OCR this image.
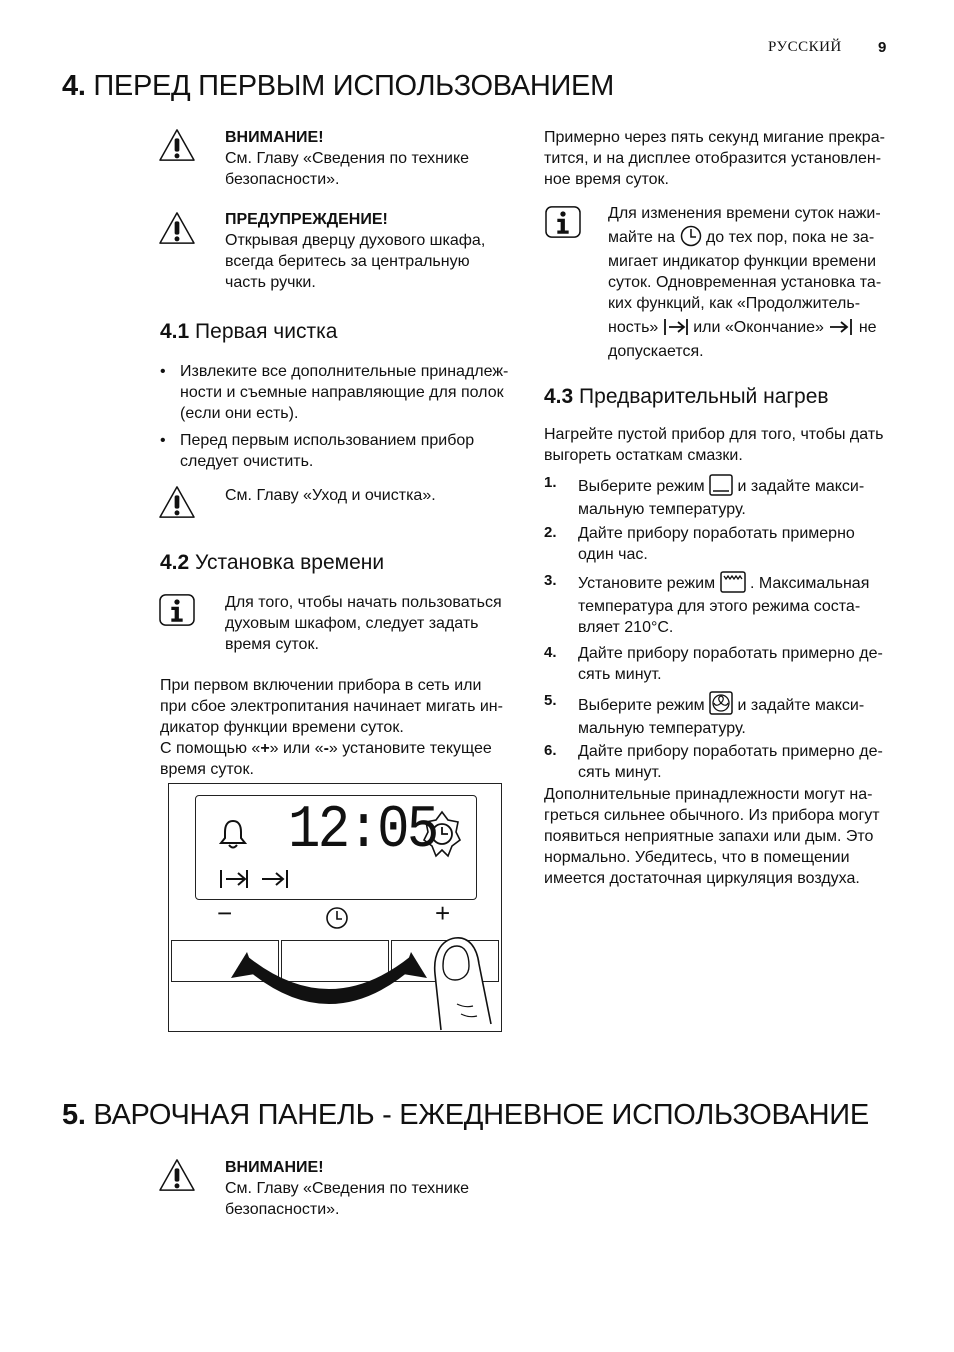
РУССКИЙ 9
4. ПЕРЕД ПЕРВЫМ ИСПОЛЬЗОВАНИЕМ
ВНИМАНИЕ!
См. Главу «Сведения по технике
безопасности».
ПРЕДУПРЕЖДЕНИЕ!
Открывая дверцу духового шкафа,
всегда беритесь за центральную
часть ручки.
4.1 Первая чистка
• Извлеките все дополнительные принадлеж-
ности и съемные направляющие для полок
(если они есть).
• Перед первым использованием прибор
следует очистить.
См. Главу «Уход и очистка».
4.2 Установка времени
Для того, чтобы начать пользоваться
духовым шкафом, следует задать
время суток.
При первом включении прибора в сеть или
при сбое электропитания начинает мигать ин-
дикатор функции времени суток.
С помощью «+» или «-» установите текущее
время суток.
12:05
−	+
Примерно через пять секунд мигание прекра-
тится, и на дисплее отобразится установлен-
ное время суток.
Для изменения времени суток нажи-
майте на до тех пор, пока не за-
мигает индикатор функции времени
суток. Одновременная установка та-
ких функций, как «Продолжитель-
ность» или «Окончание» не
допускается.
4.3 Предварительный нагрев
Нагрейте пустой прибор для того, чтобы дать
выгореть остаткам смазки.
1. Выберите режим и задайте макси-
мальную температуру.
2. Дайте прибору поработать примерно
один час.
3. Установите режим . Максимальная
температура для этого режима соста-
вляет 210°C.
4. Дайте прибору поработать примерно де-
сять минут.
5. Выберите режим и задайте макси-
мальную температуру.
6. Дайте прибору поработать примерно де-
сять минут.
Дополнительные принадлежности могут на-
греться сильнее обычного. Из прибора могут
появиться неприятные запахи или дым. Это
нормально. Убедитесь, что в помещении
имеется достаточная циркуляция воздуха.
5. ВАРОЧНАЯ ПАНЕЛЬ - ЕЖЕДНЕВНОЕ ИСПОЛЬЗОВАНИЕ
ВНИМАНИЕ!
См. Главу «Сведения по технике
безопасности».
